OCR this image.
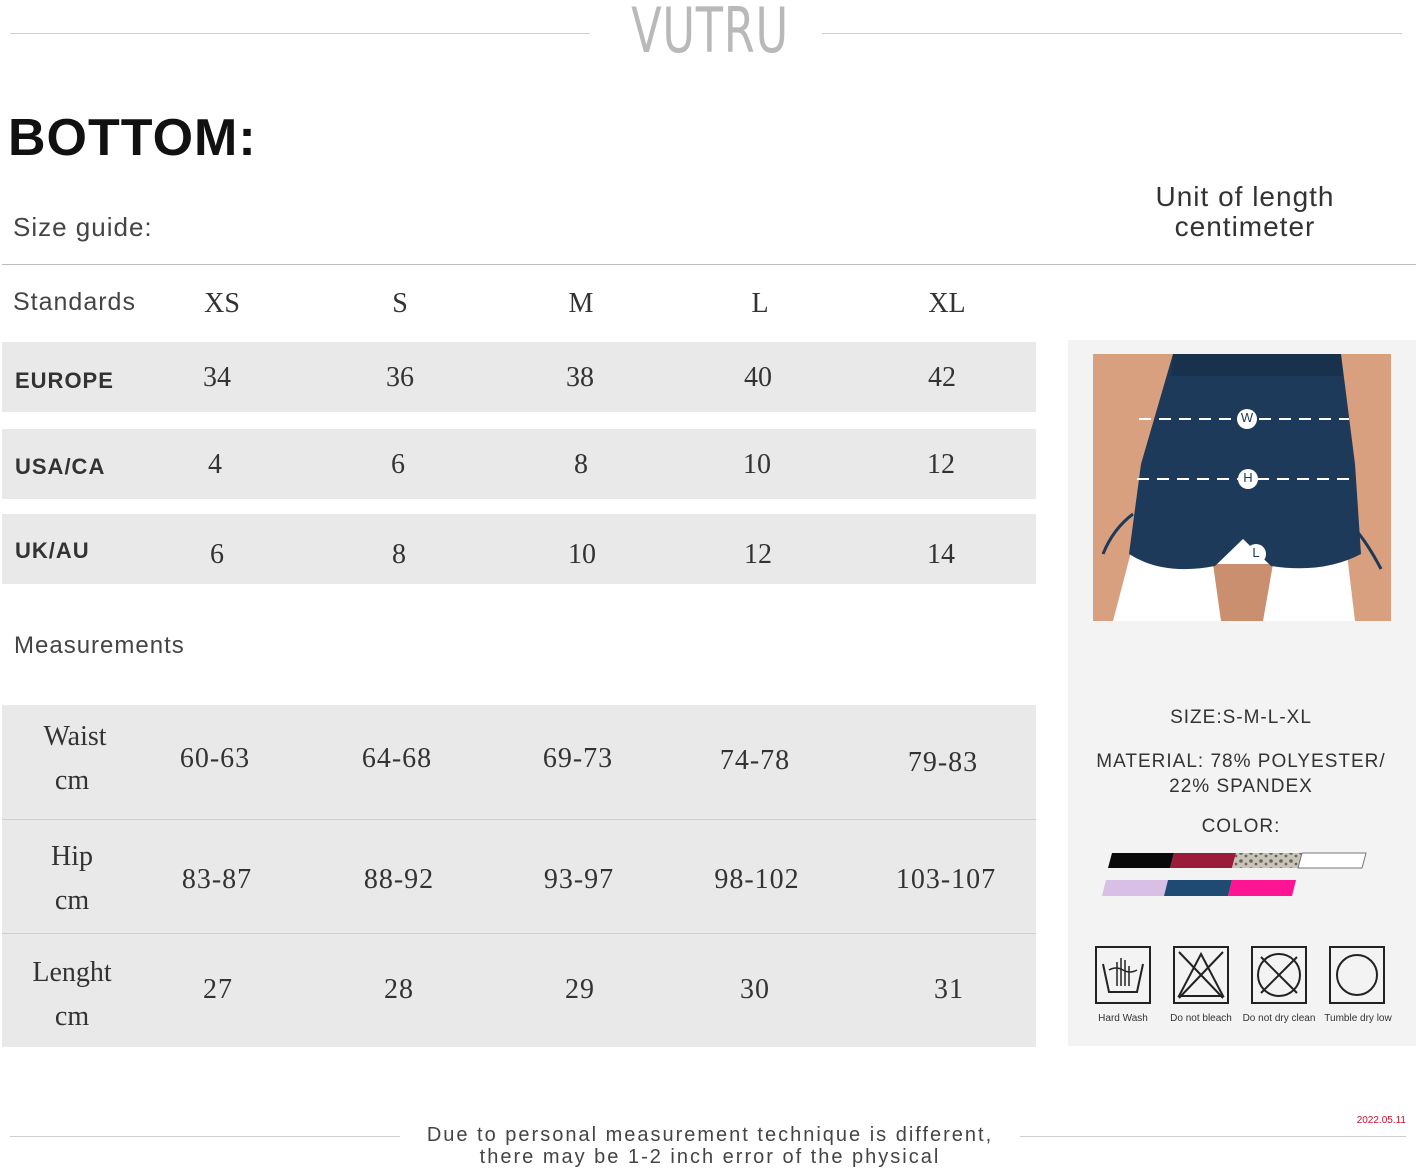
VUTRU
BOTTOM:
Size guide:
Unit of length
centimeter
Standards	XS	S	M	L	XL
EUROPE	34	36	38	40	42
USA/CA	4	6	8	10	12
UK/AU	6	8	10	12	14
Measurements
Waist
cm
60-63	64-68	69-73	74-78	79-83
Hip
cm
83-87	88-92	93-97	98-102	103-107
Lenght
cm
27	28	29	30	31
W
H
L
SIZE:S-M-L-XL
MATERIAL: 78% POLYESTER/
22% SPANDEX
COLOR:
Hard Wash	Do not bleach	Do not dry clean Tumble dry low
Due to personal measurement technique is different,
there may be 1-2 inch error of the physical
2022.05.11
